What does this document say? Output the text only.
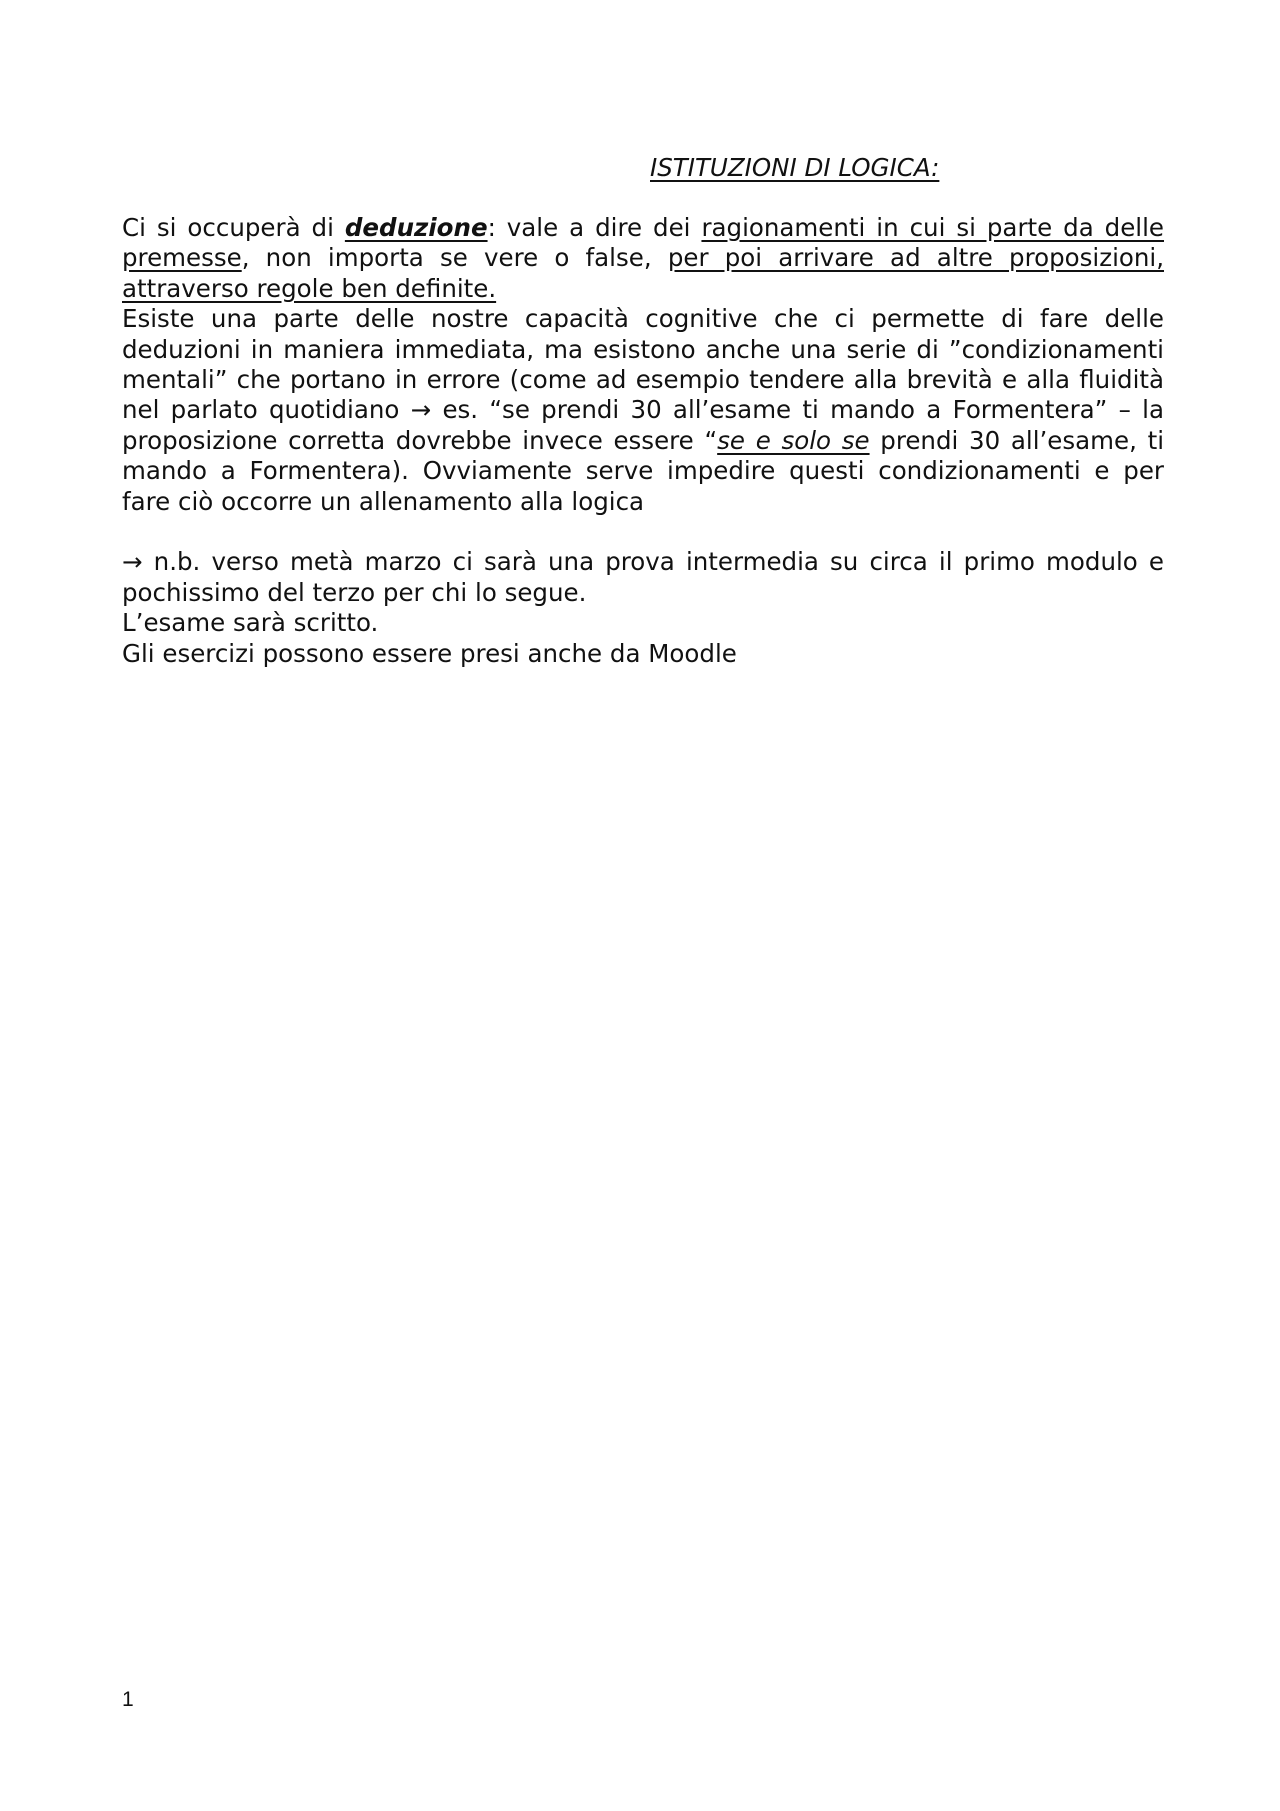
ISTITUZIONI DI LOGICA:

Ci si occuperà di deduzione: vale a dire dei ragionamenti in cui si parte da delle premesse, non importa se vere o false, per poi arrivare ad altre proposizioni, attraverso regole ben definite.

Esiste una parte delle nostre capacità cognitive che ci permette di fare delle deduzioni in maniera immediata, ma esistono anche una serie di ”condizionamenti mentali” che portano in errore (come ad esempio tendere alla brevità e alla fluidità nel parlato quotidiano → es. “se prendi 30 all’esame ti mando a Formentera” – la proposizione corretta dovrebbe invece essere “se e solo se prendi 30 all’esame, ti mando a Formentera). Ovviamente serve impedire questi condizionamenti e per fare ciò occorre un allenamento alla logica

→ n.b. verso metà marzo ci sarà una prova intermedia su circa il primo modulo e pochissimo del terzo per chi lo segue.

L’esame sarà scritto.

Gli esercizi possono essere presi anche da Moodle

1
